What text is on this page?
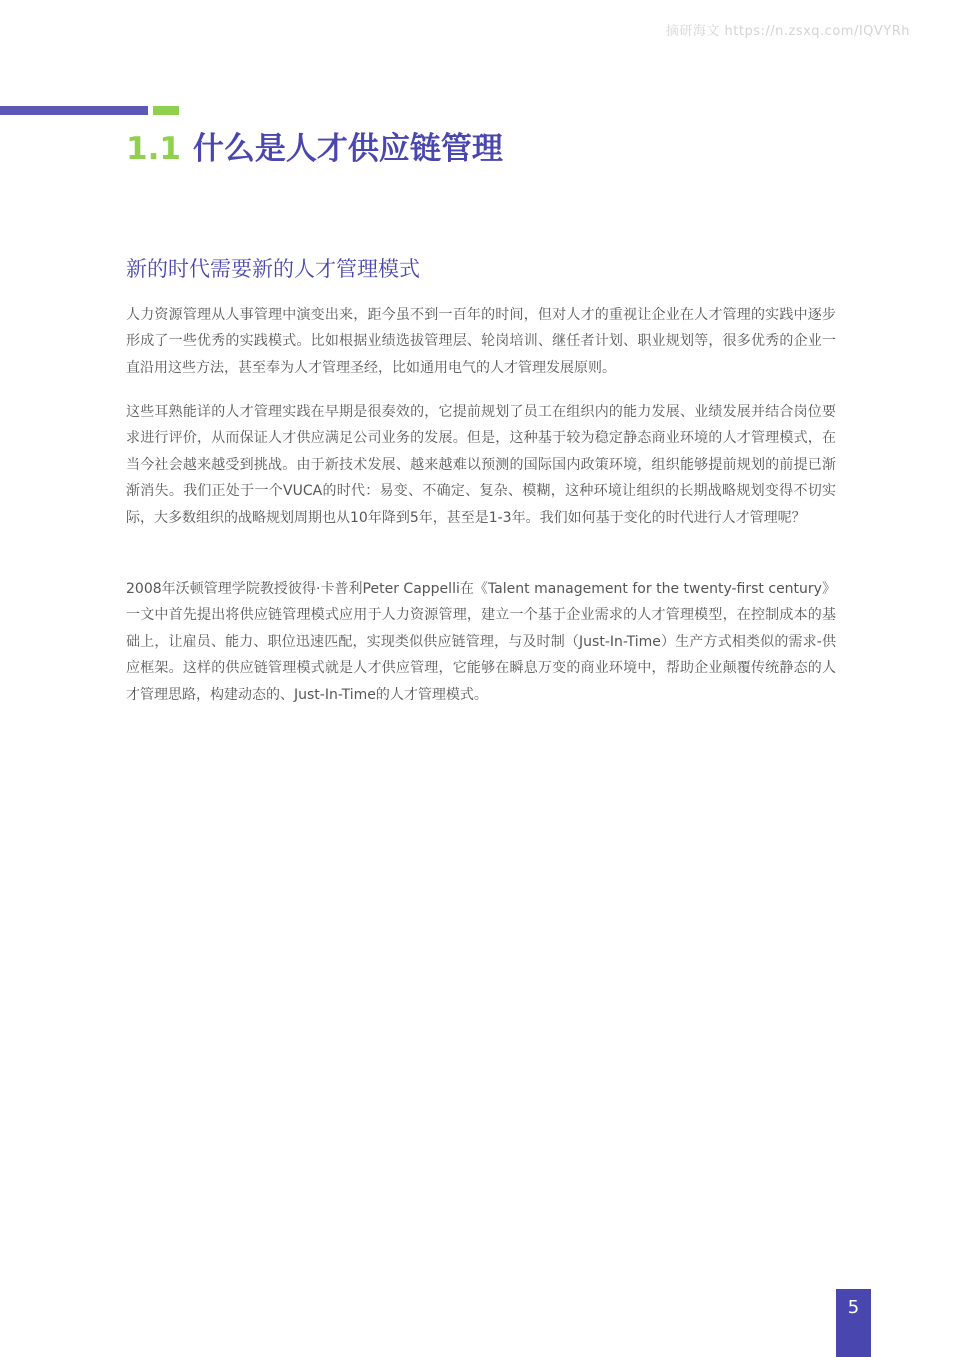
摘研海文 https://n.zsxq.com/IQVYRh
1.1 什么是人才供应链管理
新的时代需要新的人才管理模式

人力资源管理从人事管理中演变出来，距今虽不到一百年的时间，但对人才的重视让企业在人才管理的实践中逐步形成了一些优秀的实践模式。比如根据业绩选拔管理层、轮岗培训、继任者计划、职业规划等，很多优秀的企业一直沿用这些方法，甚至奉为人才管理圣经，比如通用电气的人才管理发展原则。

这些耳熟能详的人才管理实践在早期是很奏效的，它提前规划了员工在组织内的能力发展、业绩发展并结合岗位要求进行评价，从而保证人才供应满足公司业务的发展。但是，这种基于较为稳定静态商业环境的人才管理模式，在当今社会越来越受到挑战。由于新技术发展、越来越难以预测的国际国内政策环境，组织能够提前规划的前提已渐渐消失。我们正处于一个VUCA的时代：易变、不确定、复杂、模糊，这种环境让组织的长期战略规划变得不切实际，大多数组织的战略规划周期也从10年降到5年，甚至是1-3年。我们如何基于变化的时代进行人才管理呢？

2008年沃顿管理学院教授彼得·卡普利Peter Cappelli在《Talent management for the twenty-first century》一文中首先提出将供应链管理模式应用于人力资源管理，建立一个基于企业需求的人才管理模型，在控制成本的基础上，让雇员、能力、职位迅速匹配，实现类似供应链管理，与及时制（Just-In-Time）生产方式相类似的需求-供应框架。这样的供应链管理模式就是人才供应管理，它能够在瞬息万变的商业环境中，帮助企业颠覆传统静态的人才管理思路，构建动态的、Just-In-Time的人才管理模式。

5
